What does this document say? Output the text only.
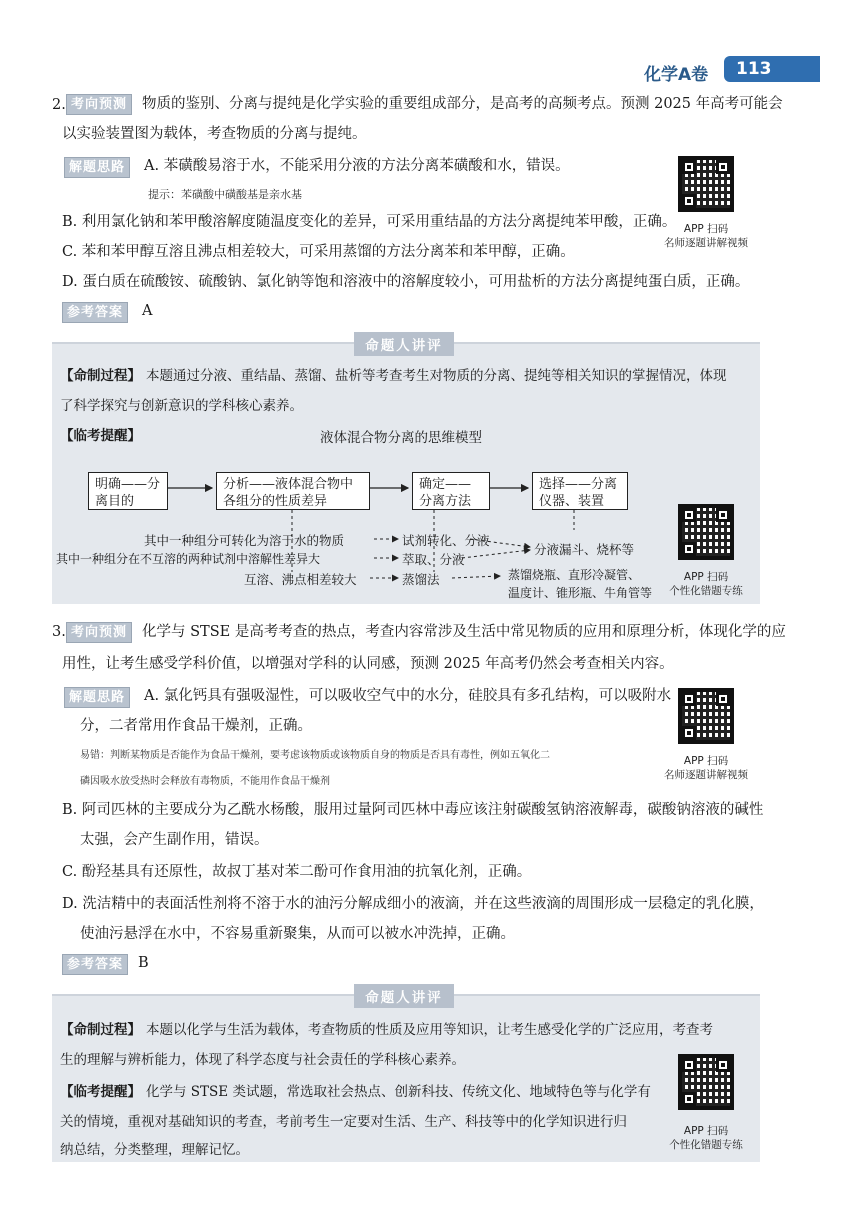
化学A卷	113
2. 考向预测	物质的鉴别、分离与提纯是化学实验的重要组成部分，是高考的高频考点。预测 2025 年高考可能会
以实验装置图为载体，考查物质的分离与提纯。
解题思路	A. 苯磺酸易溶于水，不能采用分液的方法分离苯磺酸和水，错误。
提示：苯磺酸中磺酸基是亲水基
B. 利用氯化钠和苯甲酸溶解度随温度变化的差异，可采用重结晶的方法分离提纯苯甲酸，正确。
C. 苯和苯甲醇互溶且沸点相差较大，可采用蒸馏的方法分离苯和苯甲醇，正确。
D. 蛋白质在硫酸铵、硫酸钠、氯化钠等饱和溶液中的溶解度较小，可用盐析的方法分离提纯蛋白质，正确。
参考答案	A
APP 扫码
名师逐题讲解视频
命题人讲评
【命制过程】 本题通过分液、重结晶、蒸馏、盐析等考查考生对物质的分离、提纯等相关知识的掌握情况，体现
了科学探究与创新意识的学科核心素养。
【临考提醒】	液体混合物分离的思维模型
明确——分离目的
分析——液体混合物中各组分的性质差异
确定——分离方法
选择——分离仪器、装置
其中一种组分可转化为溶于水的物质
其中一种组分在不互溶的两种试剂中溶解性差异大
互溶、沸点相差较大
试剂转化、分液
萃取、分液
蒸馏法
分液漏斗、烧杯等
蒸馏烧瓶、直形冷凝管、
温度计、锥形瓶、牛角管等
APP 扫码
个性化错题专练
3. 考向预测	化学与 STSE 是高考考查的热点，考查内容常涉及生活中常见物质的应用和原理分析，体现化学的应
用性，让考生感受学科价值，以增强对学科的认同感，预测 2025 年高考仍然会考查相关内容。
解题思路	A. 氯化钙具有强吸湿性，可以吸收空气中的水分，硅胶具有多孔结构，可以吸附水
分，二者常用作食品干燥剂，正确。
易错：判断某物质是否能作为食品干燥剂，要考虑该物质或该物质自身的物质是否具有毒性，例如五氧化二
磷因吸水放受热时会释放有毒物质，不能用作食品干燥剂
B. 阿司匹林的主要成分为乙酰水杨酸，服用过量阿司匹林中毒应该注射碳酸氢钠溶液解毒，碳酸钠溶液的碱性
太强，会产生副作用，错误。
C. 酚羟基具有还原性，故叔丁基对苯二酚可作食用油的抗氧化剂，正确。
D. 洗洁精中的表面活性剂将不溶于水的油污分解成细小的液滴，并在这些液滴的周围形成一层稳定的乳化膜，
使油污悬浮在水中，不容易重新聚集，从而可以被水冲洗掉，正确。
参考答案	B
APP 扫码
名师逐题讲解视频
命题人讲评
【命制过程】 本题以化学与生活为载体，考查物质的性质及应用等知识，让考生感受化学的广泛应用，考查考
生的理解与辨析能力，体现了科学态度与社会责任的学科核心素养。
【临考提醒】 化学与 STSE 类试题，常选取社会热点、创新科技、传统文化、地域特色等与化学有
关的情境，重视对基础知识的考查，考前考生一定要对生活、生产、科技等中的化学知识进行归
纳总结，分类整理，理解记忆。
APP 扫码
个性化错题专练
